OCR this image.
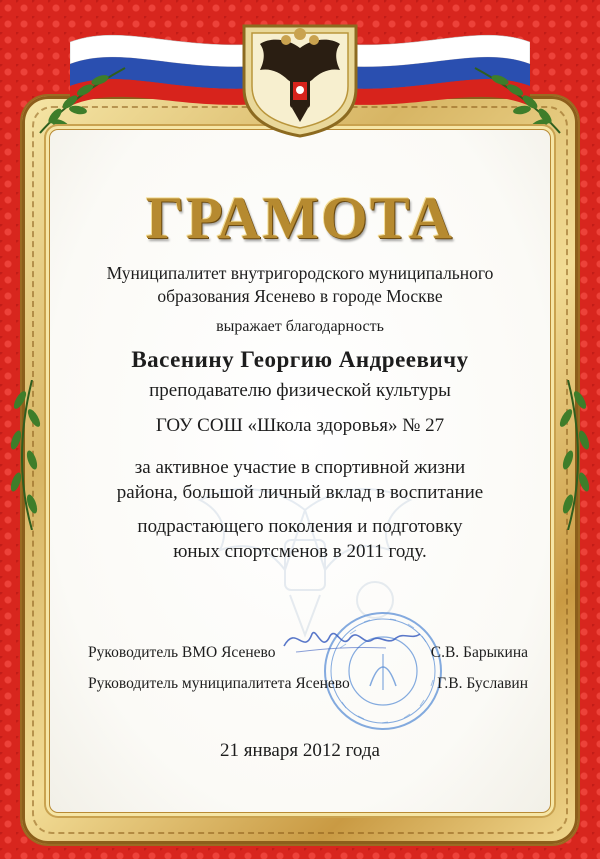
ГРАМОТА
Муниципалитет внутригородского муниципального
образования Ясенево в городе Москве
выражает благодарность
Васенину Георгию Андреевичу
преподавателю физической культуры
ГОУ СОШ «Школа здоровья» № 27
за активное участие в спортивной жизни
района, большой личный вклад в воспитание
подрастающего поколения и подготовку
юных спортсменов в 2011 году.
Руководитель ВМО Ясенево	С.В. Барыкина
Руководитель муниципалитета Ясенево	Г.В. Буславин
21 января 2012 года
